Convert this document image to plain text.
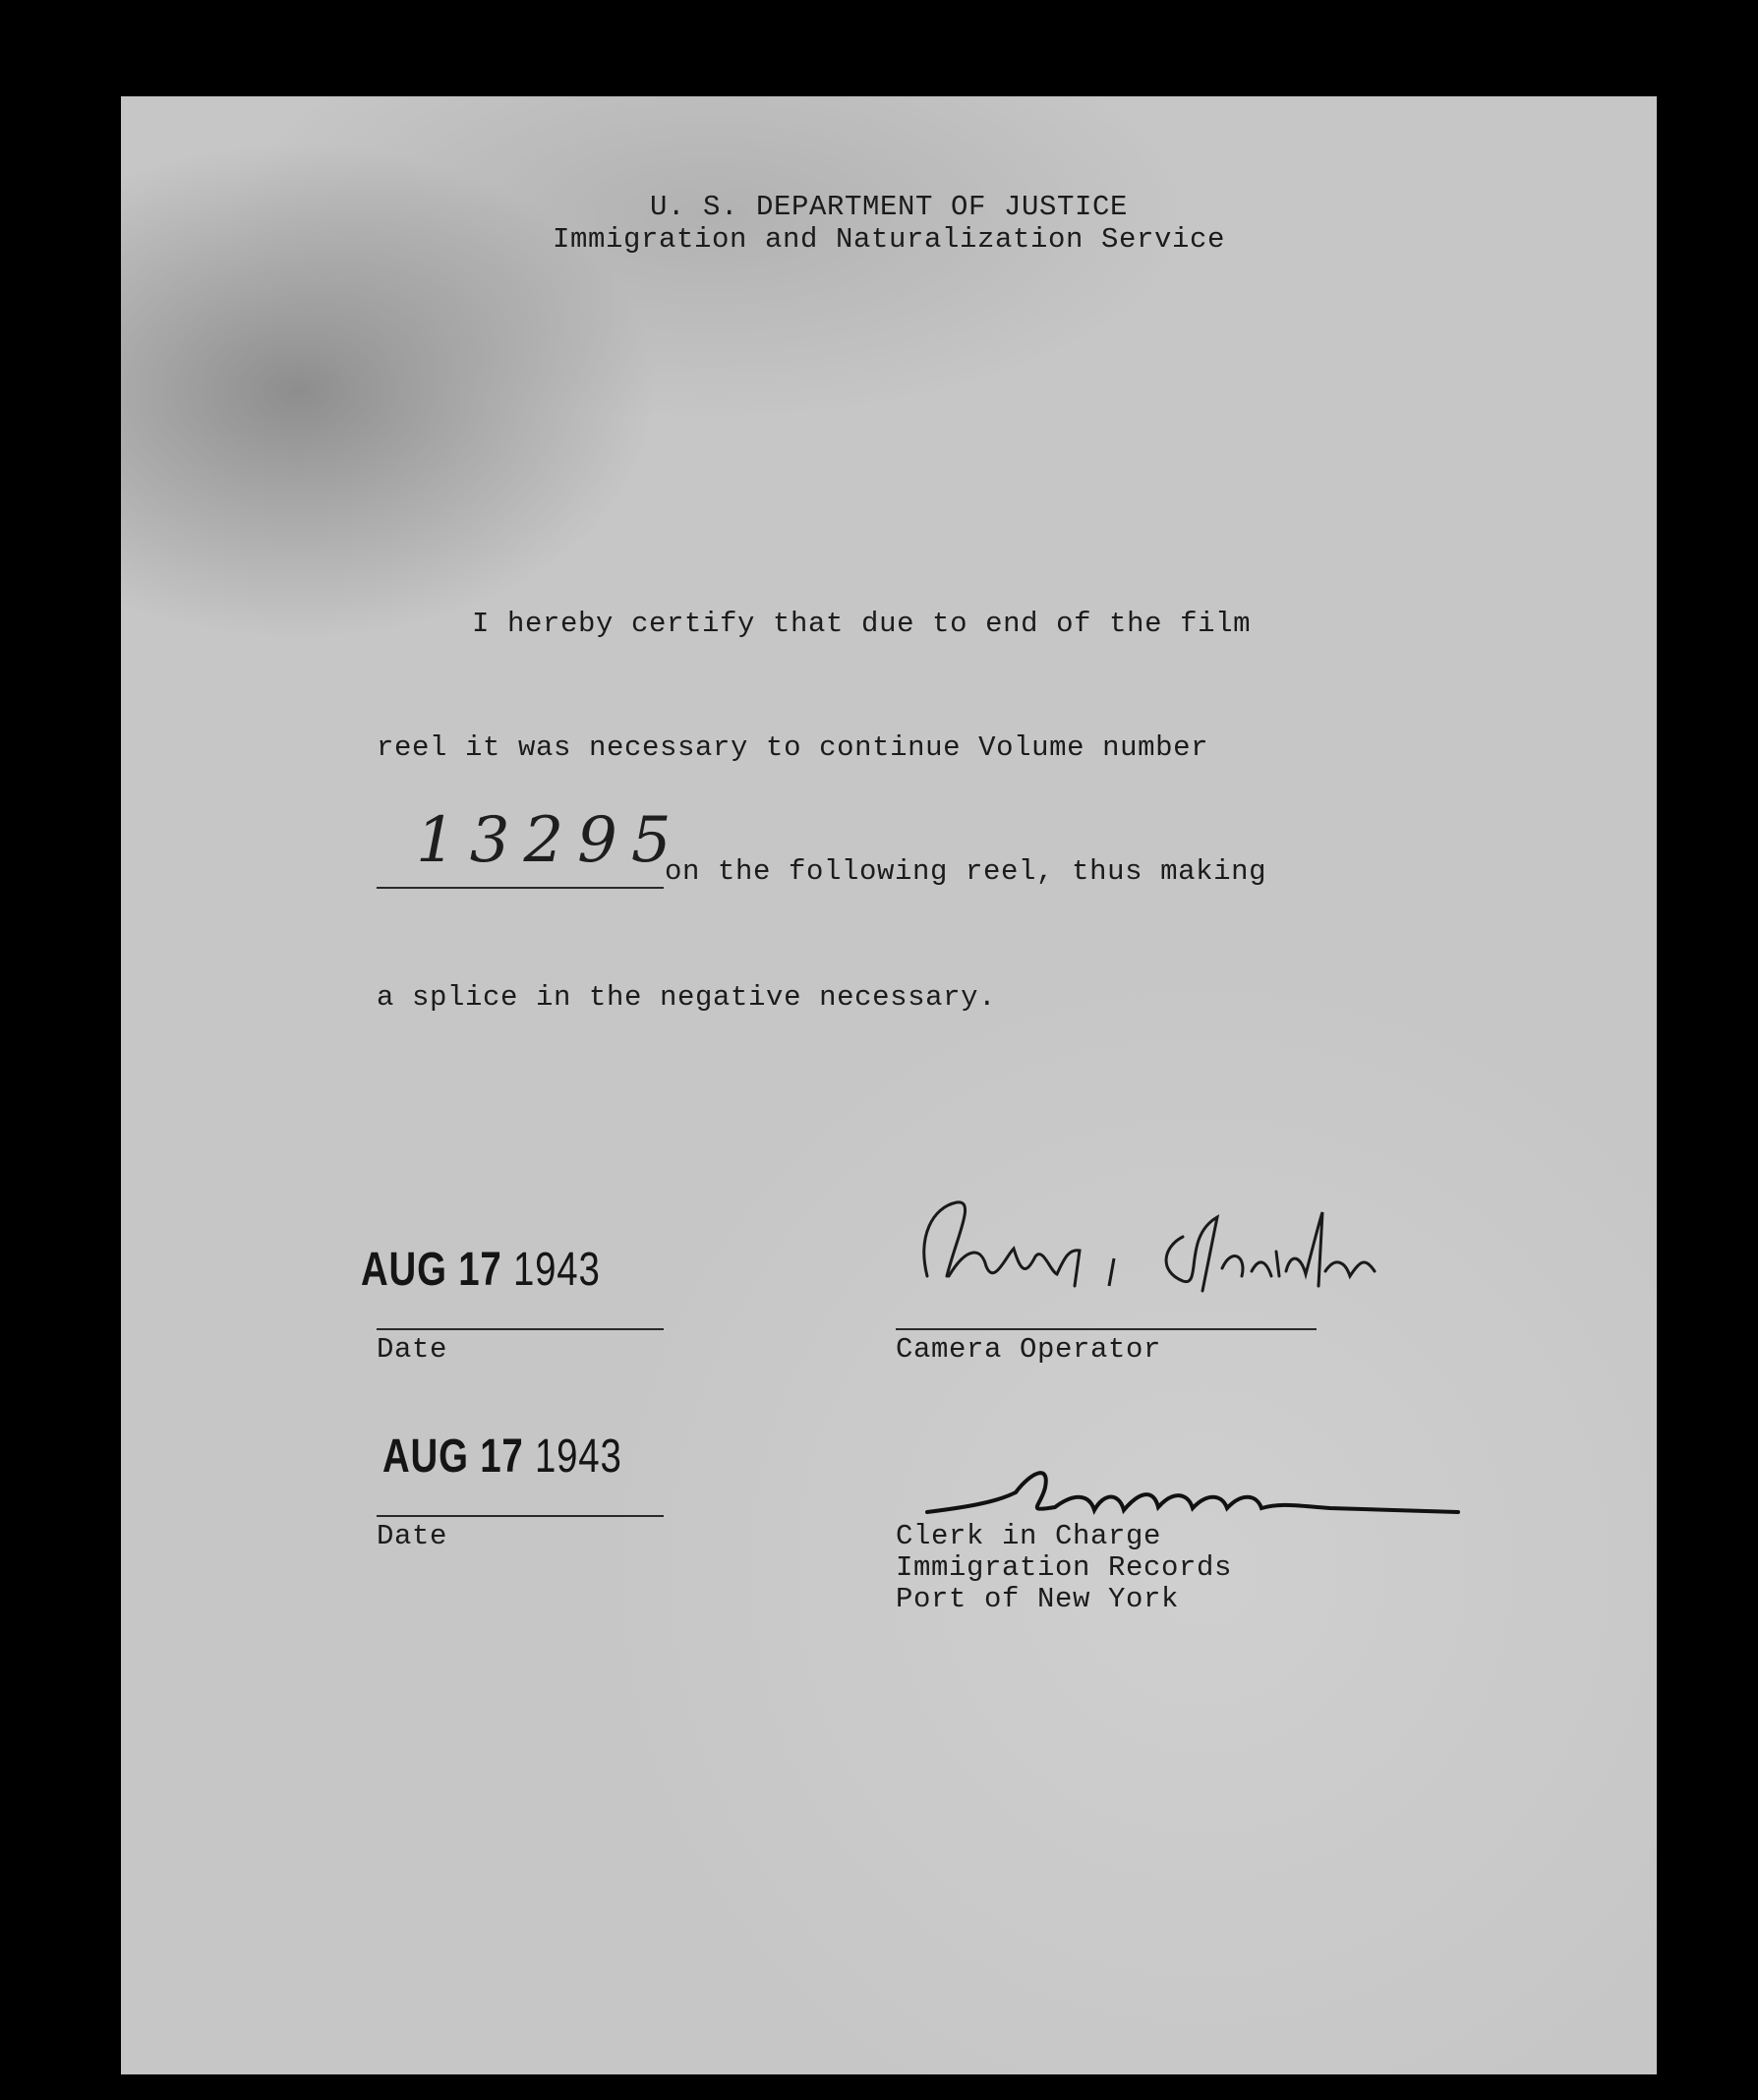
U. S. DEPARTMENT OF JUSTICE
Immigration and Naturalization Service
I hereby certify that due to end of the film
reel it was necessary to continue Volume number
13295
on the following reel, thus making
a splice in the negative necessary.
AUG 17 1943
Date	Camera Operator
AUG 17 1943
Date	Clerk in Charge
Immigration Records
Port of New York
